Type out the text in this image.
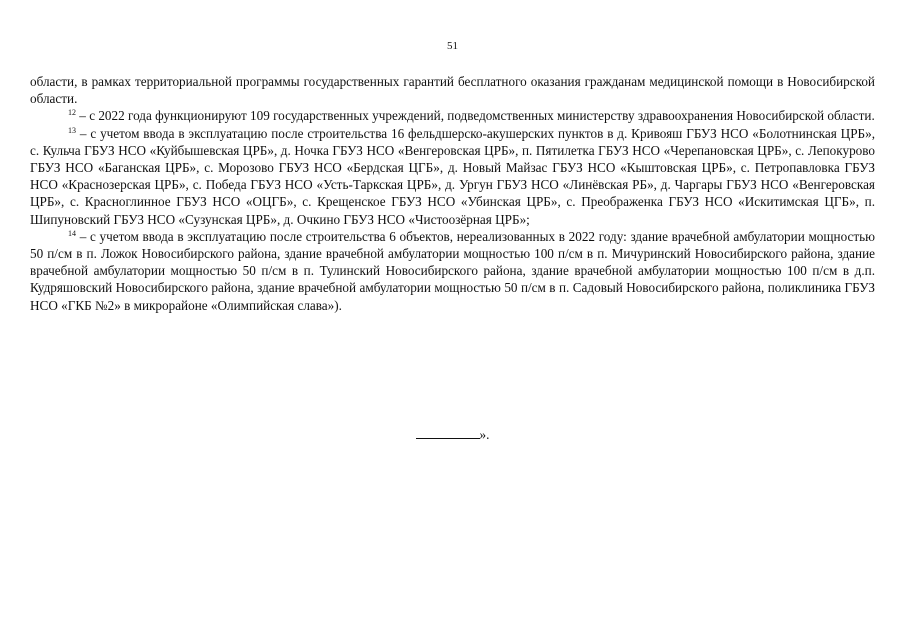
51

области, в рамках территориальной программы государственных гарантий бесплатного оказания гражданам медицинской помощи в Новосибирской области.

$^{12}$ – с 2022 года функционируют 109 государственных учреждений, подведомственных министерству здравоохранения Новосибирской области.

$^{13}$ – с учетом ввода в эксплуатацию после строительства 16 фельдшерско-акушерских пунктов в д. Кривояш ГБУЗ НСО «Болотнинская ЦРБ», с. Кульча ГБУЗ НСО «Куйбышевская ЦРБ», д. Ночка ГБУЗ НСО «Венгеровская ЦРБ», п. Пятилетка ГБУЗ НСО «Черепановская ЦРБ», с. Лепокурово ГБУЗ НСО «Баганская ЦРБ», с. Морозово ГБУЗ НСО «Бердская ЦГБ», д. Новый Майзас ГБУЗ НСО «Кыштовская ЦРБ», с. Петропавловка ГБУЗ НСО «Краснозерская ЦРБ», с. Победа ГБУЗ НСО «Усть-Таркская ЦРБ», д. Ургун ГБУЗ НСО «Линёвская РБ», д. Чаргары ГБУЗ НСО «Венгеровская ЦРБ», с. Красноглинное ГБУЗ НСО «ОЦГБ», с. Крещенское ГБУЗ НСО «Убинская ЦРБ», с. Преображенка ГБУЗ НСО «Искитимская ЦГБ», п. Шипуновский ГБУЗ НСО «Сузунская ЦРБ», д. Очкино ГБУЗ НСО «Чистоозёрная ЦРБ»;

$^{14}$ – с учетом ввода в эксплуатацию после строительства 6 объектов, нереализованных в 2022 году: здание врачебной амбулатории мощностью 50 п/см в п. Ложок Новосибирского района, здание врачебной амбулатории мощностью 100 п/см в п. Мичуринский Новосибирского района, здание врачебной амбулатории мощностью 50 п/см в п. Тулинский Новосибирского района, здание врачебной амбулатории мощностью 100 п/см в д.п. Кудряшовский Новосибирского района, здание врачебной амбулатории мощностью 50 п/см в п. Садовый Новосибирского района, поликлиника ГБУЗ НСО «ГКБ №2» в микрорайоне «Олимпийская слава»).

».
